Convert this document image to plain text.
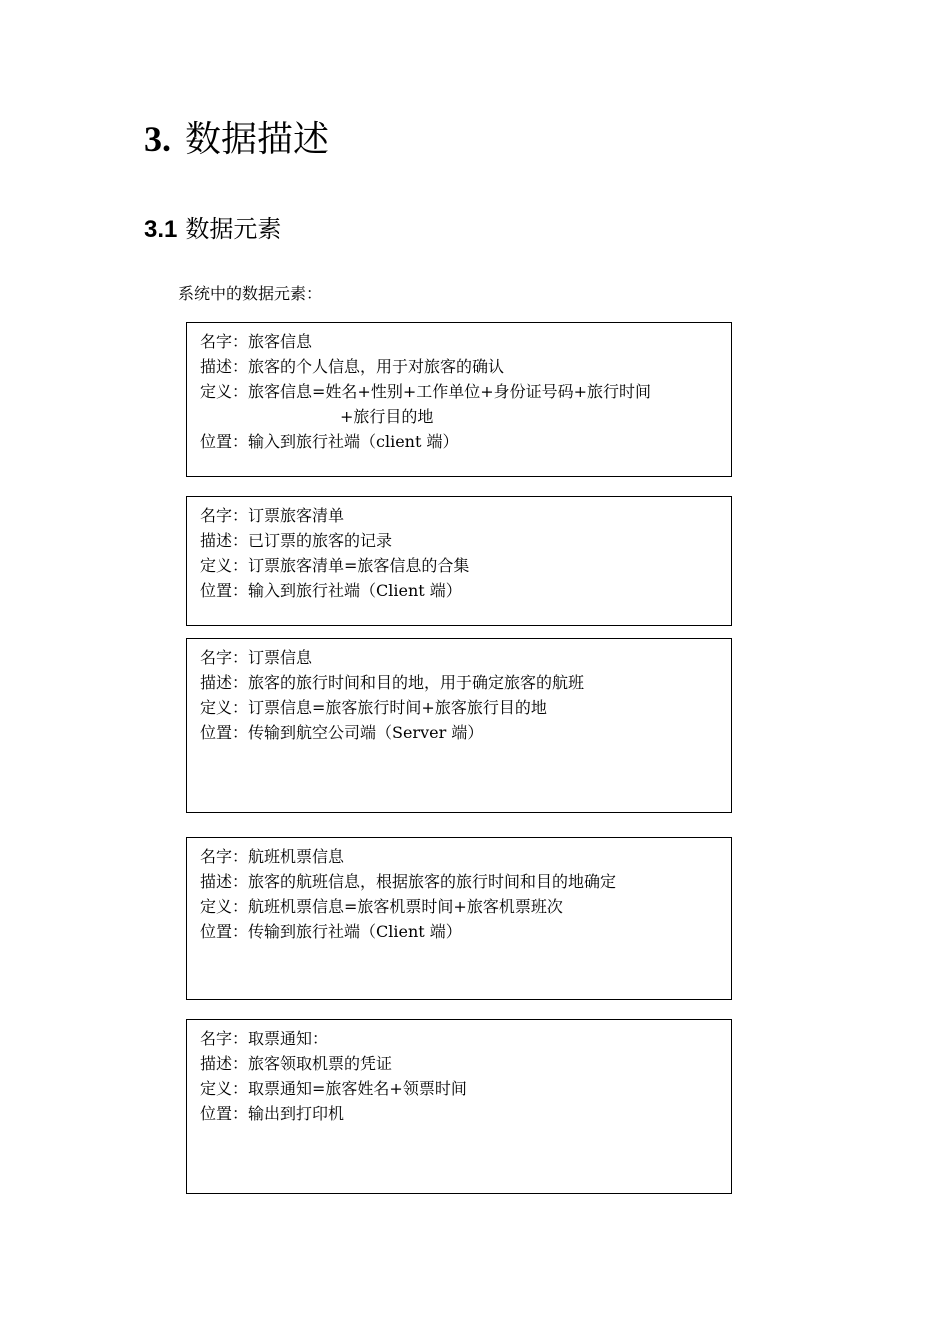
3. 数据描述
3.1 数据元素
系统中的数据元素：
名字：旅客信息
描述：旅客的个人信息，用于对旅客的确认
定义：旅客信息=姓名+性别+工作单位+身份证号码+旅行时间
+旅行目的地
位置：输入到旅行社端（client 端）
名字：订票旅客清单
描述：已订票的旅客的记录
定义：订票旅客清单=旅客信息的合集
位置：输入到旅行社端（Client 端）
名字：订票信息
描述：旅客的旅行时间和目的地，用于确定旅客的航班
定义：订票信息=旅客旅行时间+旅客旅行目的地
位置：传输到航空公司端（Server 端）
名字：航班机票信息
描述：旅客的航班信息，根据旅客的旅行时间和目的地确定
定义：航班机票信息=旅客机票时间+旅客机票班次
位置：传输到旅行社端（Client 端）
名字：取票通知：
描述：旅客领取机票的凭证
定义：取票通知=旅客姓名+领票时间
位置：输出到打印机
